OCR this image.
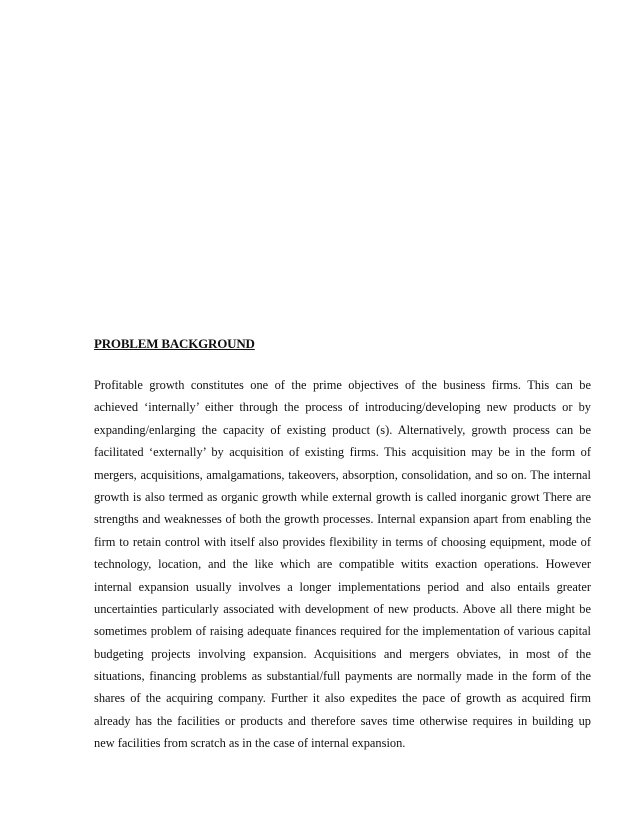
PROBLEM BACKGROUND
Profitable growth constitutes one of the prime objectives of the business firms. This can be
achieved ‘internally’ either through the process of introducing/developing new products or by
expanding/enlarging the capacity of existing product (s). Alternatively, growth process can be
facilitated ‘externally’ by acquisition of existing firms. This acquisition may be in the form of
mergers, acquisitions, amalgamations, takeovers, absorption, consolidation, and so on. The internal
growth is also termed as organic growth while external growth is called inorganic growt There are
strengths and weaknesses of both the growth processes. Internal expansion apart from enabling the
firm to retain control with itself also provides flexibility in terms of choosing equipment, mode of
technology, location, and the like which are compatible witits exaction operations. However
internal expansion usually involves a longer implementations period and also entails greater
uncertainties particularly associated with development of new products. Above all there might be
sometimes problem of raising adequate finances required for the implementation of various capital
budgeting projects involving expansion. Acquisitions and mergers obviates, in most of the
situations, financing problems as substantial/full payments are normally made in the form of the
shares of the acquiring company. Further it also expedites the pace of growth as acquired firm
already has the facilities or products and therefore saves time otherwise requires in building up
new facilities from scratch as in the case of internal expansion.
